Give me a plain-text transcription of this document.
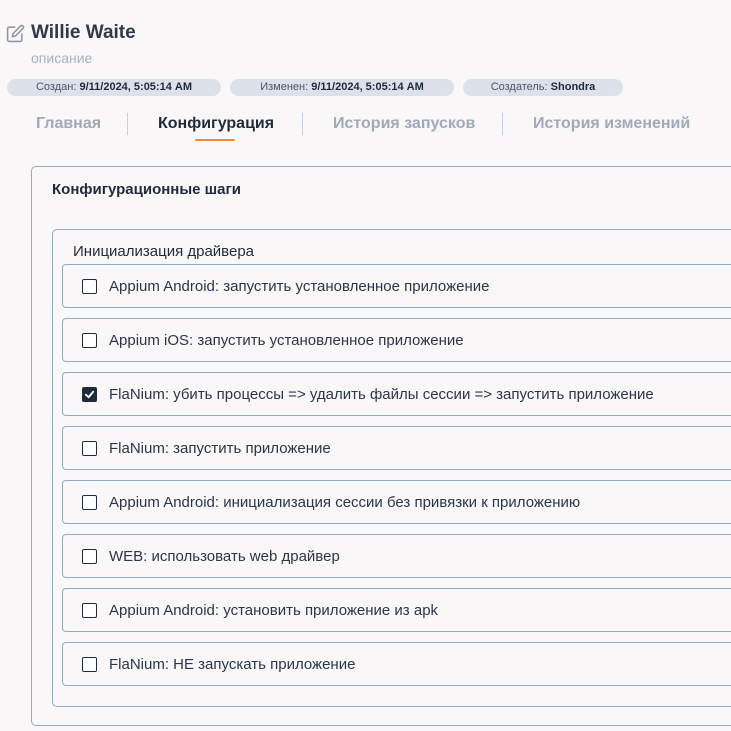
Willie Waite
описание
Создан: 9/11/2024, 5:05:14 AM	Изменен: 9/11/2024, 5:05:14 AM	Создатель: Shondra
Главная	Конфигурация	История запусков	История изменений
Конфигурационные шаги
Инициализация драйвера
Appium Android: запустить установленное приложение
Appium iOS: запустить установленное приложение
FlaNium: убить процессы => удалить файлы сессии => запустить приложение
FlaNium: запустить приложение
Appium Android: инициализация сессии без привязки к приложению
WEB: использовать web драйвер
Appium Android: установить приложение из apk
FlaNium: НЕ запускать приложение
